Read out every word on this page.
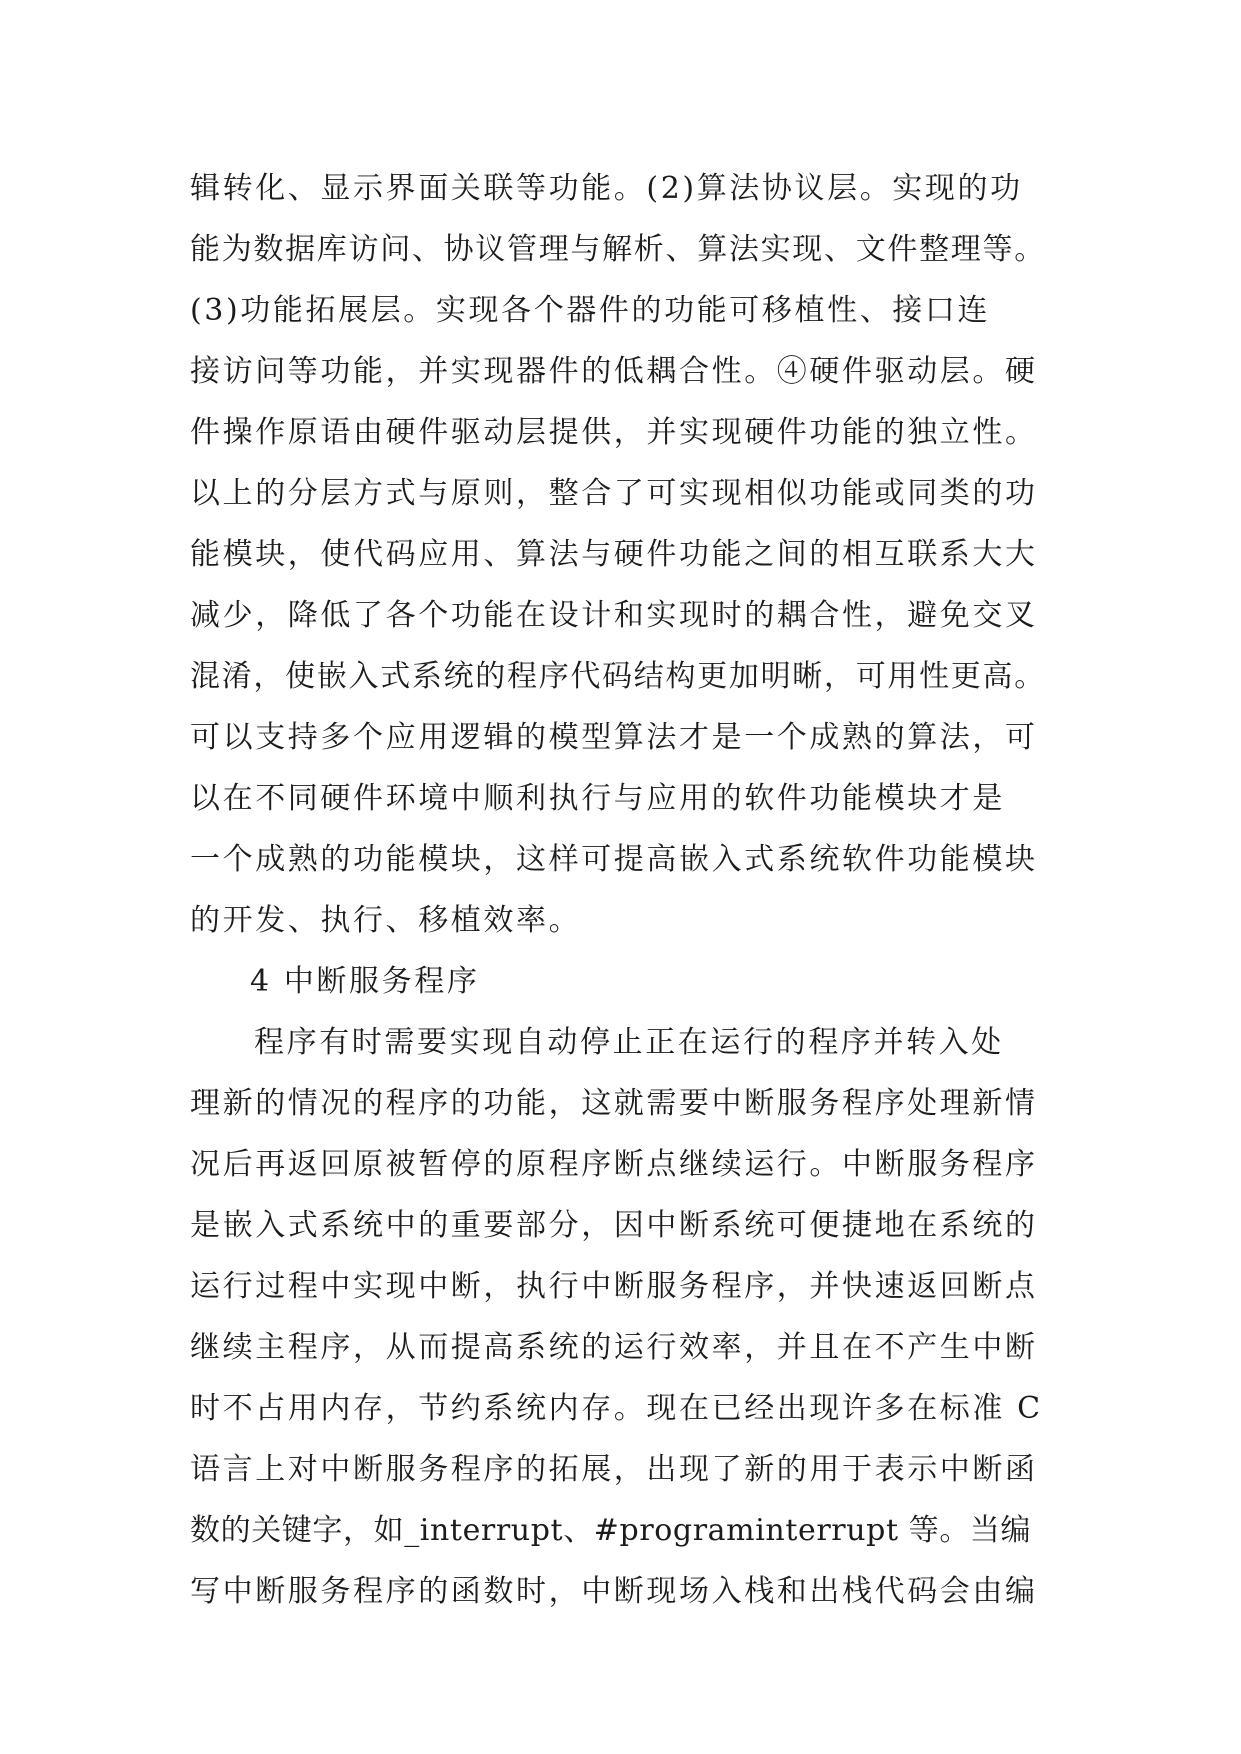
辑转化、显示界面关联等功能。(2)算法协议层。实现的功
能为数据库访问、协议管理与解析、算法实现、文件整理等。
(3)功能拓展层。实现各个器件的功能可移植性、接口连
接访问等功能，并实现器件的低耦合性。④硬件驱动层。硬
件操作原语由硬件驱动层提供，并实现硬件功能的独立性。
以上的分层方式与原则，整合了可实现相似功能或同类的功
能模块，使代码应用、算法与硬件功能之间的相互联系大大
减少，降低了各个功能在设计和实现时的耦合性，避免交叉
混淆，使嵌入式系统的程序代码结构更加明晰，可用性更高。
可以支持多个应用逻辑的模型算法才是一个成熟的算法，可
以在不同硬件环境中顺利执行与应用的软件功能模块才是
一个成熟的功能模块，这样可提高嵌入式系统软件功能模块
的开发、执行、移植效率。
4 中断服务程序
程序有时需要实现自动停止正在运行的程序并转入处
理新的情况的程序的功能，这就需要中断服务程序处理新情
况后再返回原被暂停的原程序断点继续运行。中断服务程序
是嵌入式系统中的重要部分，因中断系统可便捷地在系统的
运行过程中实现中断，执行中断服务程序，并快速返回断点
继续主程序，从而提高系统的运行效率，并且在不产生中断
时不占用内存，节约系统内存。现在已经出现许多在标准 C
语言上对中断服务程序的拓展，出现了新的用于表示中断函
数的关键字，如_interrupt、#programinterrupt 等。当编
写中断服务程序的函数时，中断现场入栈和出栈代码会由编
